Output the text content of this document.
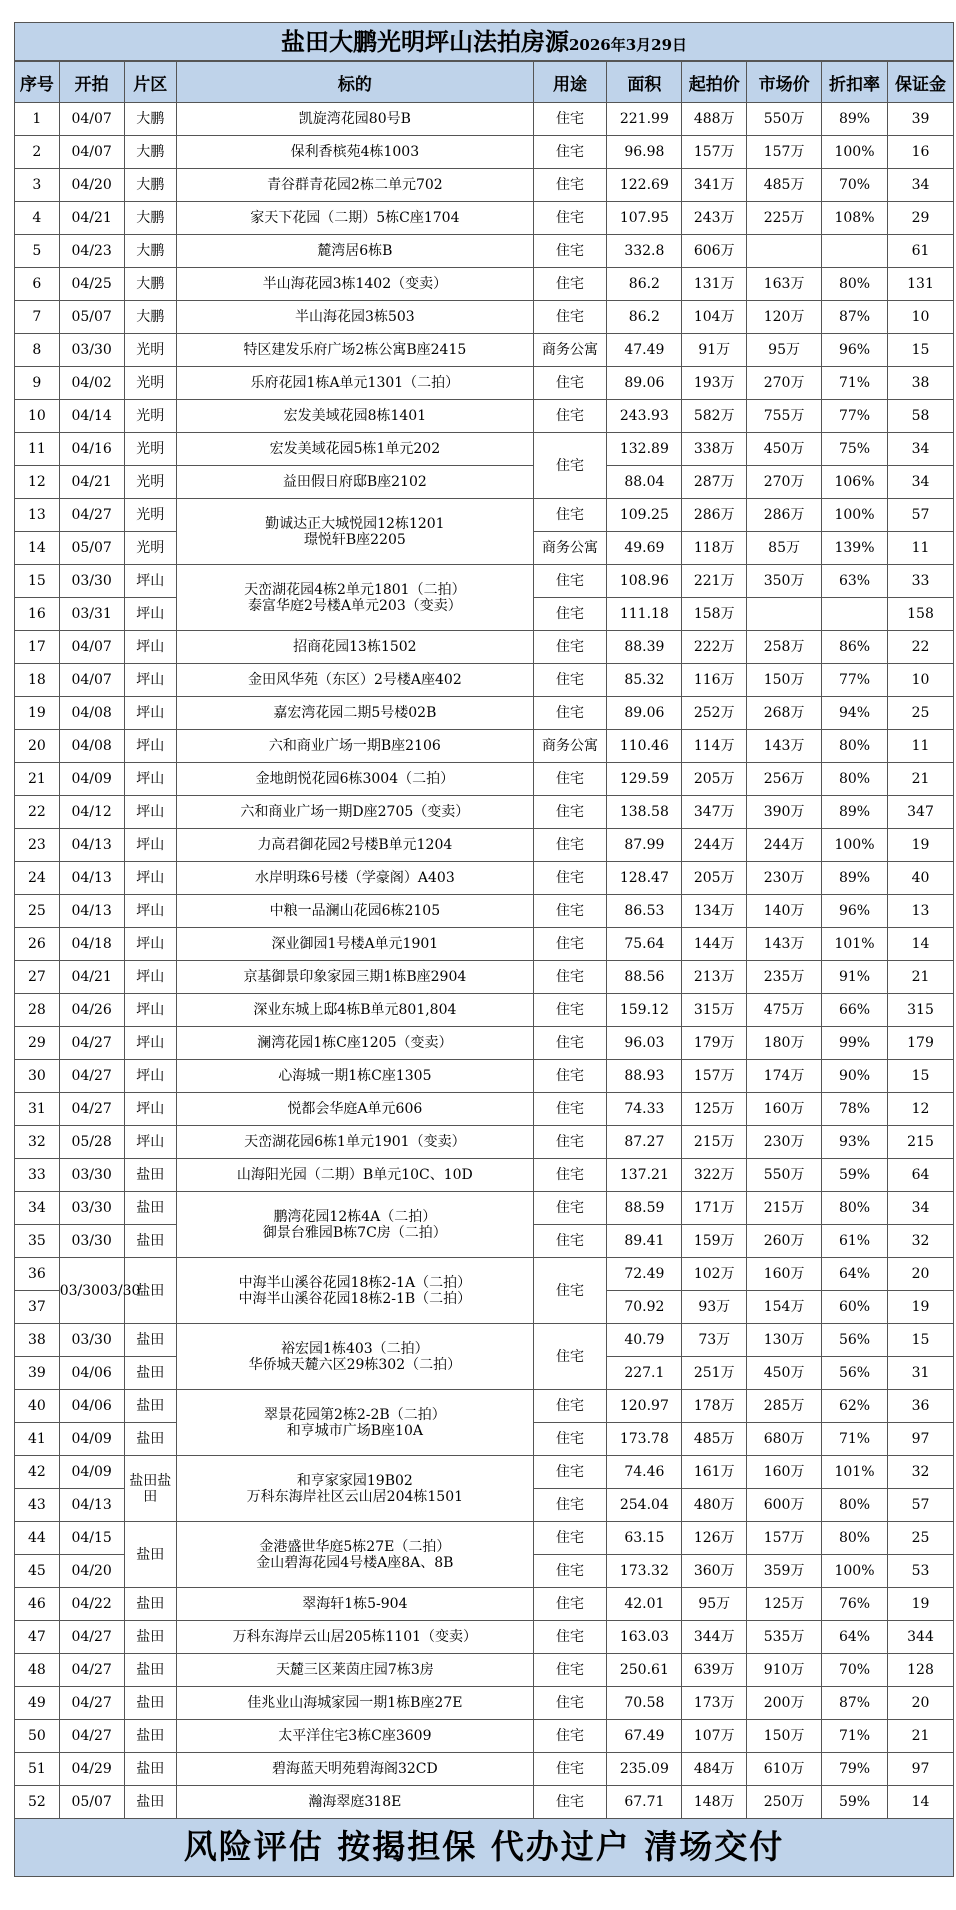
盐田大鹏光明坪山法拍房源2026年3月29日
序号	开拍	片区	标的	用途	面积	起拍价	市场价	折扣率	保证金
1	04/07	大鹏	凯旋湾花园80号B	住宅	221.99	488万	550万	89%	39
2	04/07	大鹏	保利香槟苑4栋1003	住宅	96.98	157万	157万	100%	16
3	04/20	大鹏	青谷群青花园2栋二单元702	住宅	122.69	341万	485万	70%	34
4	04/21	大鹏	家天下花园（二期）5栋C座1704	住宅	107.95	243万	225万	108%	29
5	04/23	大鹏	麓湾居6栋B	住宅	332.8	606万			61
6	04/25	大鹏	半山海花园3栋1402（变卖）	住宅	86.2	131万	163万	80%	131
7	05/07	大鹏	半山海花园3栋503	住宅	86.2	104万	120万	87%	10
8	03/30	光明	特区建发乐府广场2栋公寓B座2415	商务公寓	47.49	91万	95万	96%	15
9	04/02	光明	乐府花园1栋A单元1301（二拍）	住宅	89.06	193万	270万	71%	38
10	04/14	光明	宏发美域花园8栋1401	住宅	243.93	582万	755万	77%	58
11	04/16	光明	宏发美域花园5栋1单元202	住宅	132.89	338万	450万	75%	34
12	04/21	光明	益田假日府邸B座2102		88.04	287万	270万	106%	34
13	04/27	光明	勤诚达正大城悦园12栋1201
璟悦轩B座2205	住宅	109.25	286万	286万	100%	57
14	05/07	光明		商务公寓	49.69	118万	85万	139%	11
15	03/30	坪山	天峦湖花园4栋2单元1801（二拍）
泰富华庭2号楼A单元203（变卖）	住宅	108.96	221万	350万	63%	33
16	03/31	坪山		住宅	111.18	158万			158
17	04/07	坪山	招商花园13栋1502	住宅	88.39	222万	258万	86%	22
18	04/07	坪山	金田风华苑（东区）2号楼A座402	住宅	85.32	116万	150万	77%	10
19	04/08	坪山	嘉宏湾花园二期5号楼02B	住宅	89.06	252万	268万	94%	25
20	04/08	坪山	六和商业广场一期B座2106	商务公寓	110.46	114万	143万	80%	11
21	04/09	坪山	金地朗悦花园6栋3004（二拍）	住宅	129.59	205万	256万	80%	21
22	04/12	坪山	六和商业广场一期D座2705（变卖）	住宅	138.58	347万	390万	89%	347
23	04/13	坪山	力高君御花园2号楼B单元1204	住宅	87.99	244万	244万	100%	19
24	04/13	坪山	水岸明珠6号楼（学豪阁）A403	住宅	128.47	205万	230万	89%	40
25	04/13	坪山	中粮一品澜山花园6栋2105	住宅	86.53	134万	140万	96%	13
26	04/18	坪山	深业御园1号楼A单元1901	住宅	75.64	144万	143万	101%	14
27	04/21	坪山	京基御景印象家园三期1栋B座2904	住宅	88.56	213万	235万	91%	21
28	04/26	坪山	深业东城上邸4栋B单元801,804	住宅	159.12	315万	475万	66%	315
29	04/27	坪山	澜湾花园1栋C座1205（变卖）	住宅	96.03	179万	180万	99%	179
30	04/27	坪山	心海城一期1栋C座1305	住宅	88.93	157万	174万	90%	15
31	04/27	坪山	悦都会华庭A单元606	住宅	74.33	125万	160万	78%	12
32	05/28	坪山	天峦湖花园6栋1单元1901（变卖）	住宅	87.27	215万	230万	93%	215
33	03/30	盐田	山海阳光园（二期）B单元10C、10D	住宅	137.21	322万	550万	59%	64
34	03/30	盐田	鹏湾花园12栋4A（二拍）
御景台雅园B栋7C房（二拍）	住宅	88.59	171万	215万	80%	34
35	03/30	盐田		住宅	89.41	159万	260万	61%	32
36	03/3003/30	盐田	中海半山溪谷花园18栋2-1A（二拍）
中海半山溪谷花园18栋2-1B（二拍）	住宅	72.49	102万	160万	64%	20
37					70.92	93万	154万	60%	19
38	03/30	盐田	裕宏园1栋403（二拍）
华侨城天麓六区29栋302（二拍）	住宅	40.79	73万	130万	56%	15
39	04/06	盐田			227.1	251万	450万	56%	31
40	04/06	盐田	翠景花园第2栋2-2B（二拍）
和亨城市广场B座10A	住宅	120.97	178万	285万	62%	36
41	04/09	盐田		住宅	173.78	485万	680万	71%	97
42	04/09	盐田盐田	和亨家家园19B02
万科东海岸社区云山居204栋1501	住宅	74.46	161万	160万	101%	32
43	04/13			住宅	254.04	480万	600万	80%	57
44	04/15	盐田	金港盛世华庭5栋27E（二拍）
金山碧海花园4号楼A座8A、8B	住宅	63.15	126万	157万	80%	25
45	04/20			住宅	173.32	360万	359万	100%	53
46	04/22	盐田	翠海轩1栋5-904	住宅	42.01	95万	125万	76%	19
47	04/27	盐田	万科东海岸云山居205栋1101（变卖）	住宅	163.03	344万	535万	64%	344
48	04/27	盐田	天麓三区莱茵庄园7栋3房	住宅	250.61	639万	910万	70%	128
49	04/27	盐田	佳兆业山海城家园一期1栋B座27E	住宅	70.58	173万	200万	87%	20
50	04/27	盐田	太平洋住宅3栋C座3609	住宅	67.49	107万	150万	71%	21
51	04/29	盐田	碧海蓝天明苑碧海阁32CD	住宅	235.09	484万	610万	79%	97
52	05/07	盐田	瀚海翠庭318E	住宅	67.71	148万	250万	59%	14
风险评估 按揭担保 代办过户 清场交付
